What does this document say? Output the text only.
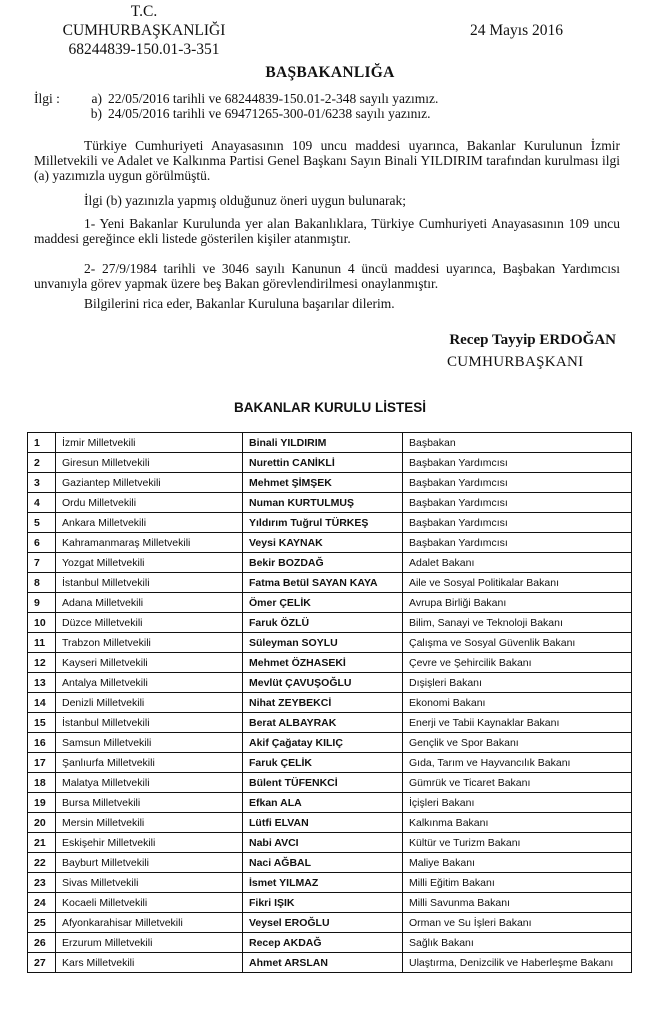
T.C.
CUMHURBAŞKANLIĞI
68244839-150.01-3-351
24 Mayıs 2016
BAŞBAKANLIĞA
İlgi :	a) 22/05/2016 tarihli ve 68244839-150.01-2-348 sayılı yazımız.
b) 24/05/2016 tarihli ve 69471265-300-01/6238 sayılı yazınız.
Türkiye Cumhuriyeti Anayasasının 109 uncu maddesi uyarınca, Bakanlar Kurulunun İzmir Milletvekili ve Adalet ve Kalkınma Partisi Genel Başkanı Sayın Binali YILDIRIM tarafından kurulması ilgi (a) yazımızla uygun görülmüştü.
İlgi (b) yazınızla yapmış olduğunuz öneri uygun bulunarak;
1- Yeni Bakanlar Kurulunda yer alan Bakanlıklara, Türkiye Cumhuriyeti Anayasasının 109 uncu maddesi gereğince ekli listede gösterilen kişiler atanmıştır.
2- 27/9/1984 tarihli ve 3046 sayılı Kanunun 4 üncü maddesi uyarınca, Başbakan Yardımcısı unvanıyla görev yapmak üzere beş Bakan görevlendirilmesi onaylanmıştır.
Bilgilerini rica eder, Bakanlar Kuruluna başarılar dilerim.
Recep Tayyip ERDOĞAN
CUMHURBAŞKANI
BAKANLAR KURULU LİSTESİ
1	İzmir Milletvekili	Binali YILDIRIM	Başbakan
2	Giresun Milletvekili	Nurettin CANİKLİ	Başbakan Yardımcısı
3	Gaziantep Milletvekili	Mehmet ŞİMŞEK	Başbakan Yardımcısı
4	Ordu Milletvekili	Numan KURTULMUŞ	Başbakan Yardımcısı
5	Ankara Milletvekili	Yıldırım Tuğrul TÜRKEŞ	Başbakan Yardımcısı
6	Kahramanmaraş Milletvekili	Veysi KAYNAK	Başbakan Yardımcısı
7	Yozgat Milletvekili	Bekir BOZDAĞ	Adalet Bakanı
8	İstanbul Milletvekili	Fatma Betül SAYAN KAYA	Aile ve Sosyal Politikalar Bakanı
9	Adana Milletvekili	Ömer ÇELİK	Avrupa Birliği Bakanı
10	Düzce Milletvekili	Faruk ÖZLÜ	Bilim, Sanayi ve Teknoloji Bakanı
11	Trabzon Milletvekili	Süleyman SOYLU	Çalışma ve Sosyal Güvenlik Bakanı
12	Kayseri Milletvekili	Mehmet ÖZHASEKİ	Çevre ve Şehircilik Bakanı
13	Antalya Milletvekili	Mevlüt ÇAVUŞOĞLU	Dışişleri Bakanı
14	Denizli Milletvekili	Nihat ZEYBEKCİ	Ekonomi Bakanı
15	İstanbul Milletvekili	Berat ALBAYRAK	Enerji ve Tabii Kaynaklar Bakanı
16	Samsun Milletvekili	Akif Çağatay KILIÇ	Gençlik ve Spor Bakanı
17	Şanlıurfa Milletvekili	Faruk ÇELİK	Gıda, Tarım ve Hayvancılık Bakanı
18	Malatya Milletvekili	Bülent TÜFENKCİ	Gümrük ve Ticaret Bakanı
19	Bursa Milletvekili	Efkan ALA	İçişleri Bakanı
20	Mersin Milletvekili	Lütfi ELVAN	Kalkınma Bakanı
21	Eskişehir Milletvekili	Nabi AVCI	Kültür ve Turizm Bakanı
22	Bayburt Milletvekili	Naci AĞBAL	Maliye Bakanı
23	Sivas Milletvekili	İsmet YILMAZ	Milli Eğitim Bakanı
24	Kocaeli Milletvekili	Fikri IŞIK	Milli Savunma Bakanı
25	Afyonkarahisar Milletvekili	Veysel EROĞLU	Orman ve Su İşleri Bakanı
26	Erzurum Milletvekili	Recep AKDAĞ	Sağlık Bakanı
27	Kars Milletvekili	Ahmet ARSLAN	Ulaştırma, Denizcilik ve Haberleşme Bakanı
